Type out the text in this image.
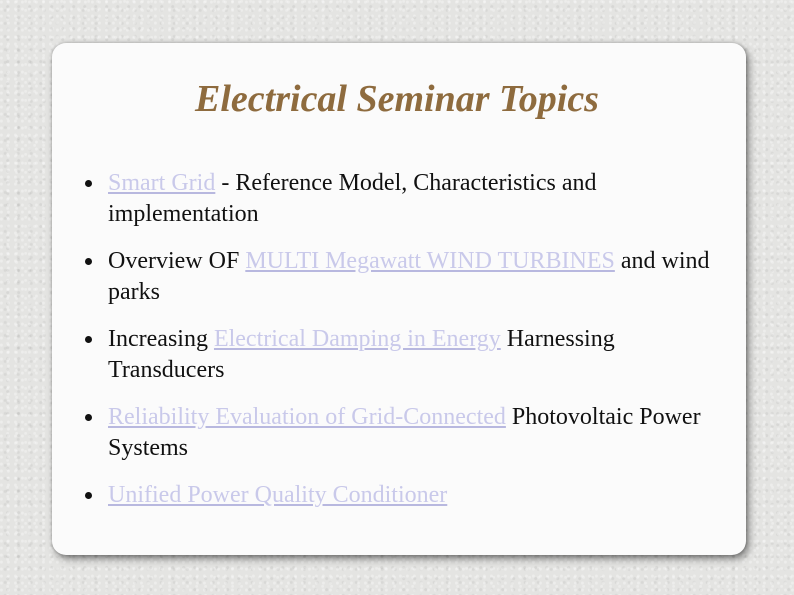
Electrical Seminar Topics
Smart Grid - Reference Model, Characteristics and implementation
Overview OF MULTI Megawatt WIND TURBINES and wind parks
Increasing Electrical Damping in Energy Harnessing Transducers
Reliability Evaluation of Grid-Connected Photovoltaic Power Systems
Unified Power Quality Conditioner
